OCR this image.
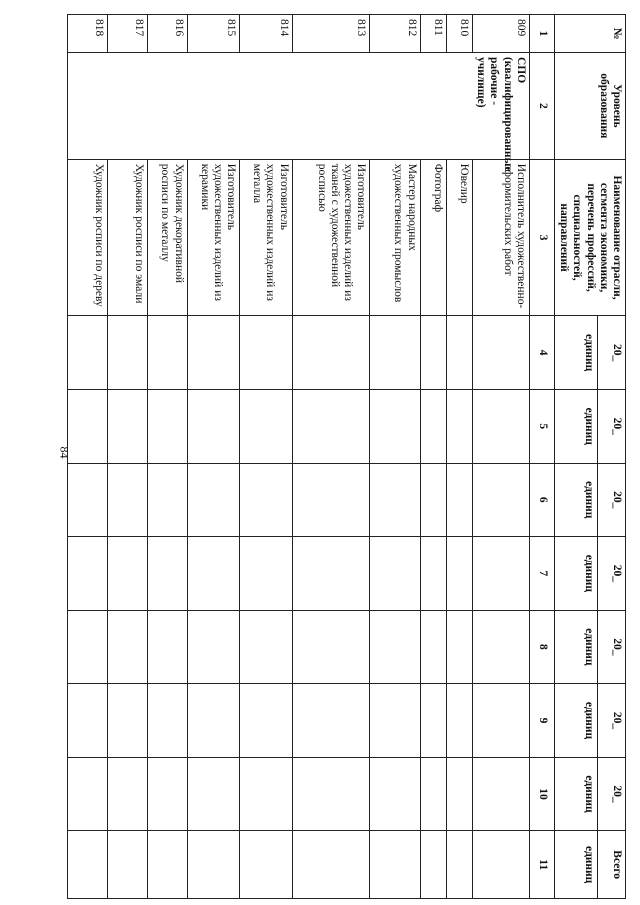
84
№	Уровень образования	Наименование отрасли, сегмента экономики, перечень профессий, специальностей, направлений	20_	20_	20_	20_	20_	20_	20_	Всего
			единиц	единиц	единиц	единиц	единиц	единиц	единиц	единиц
1	2	3	4	5	6	7	8	9	10	11
809	СПО (квалифицированные рабочие - училище)	Исполнитель художественно-оформительских работ								
810		Ювелир								
811		Фотограф								
812		Мастер народных художественных промыслов								
813		Изготовитель художественных изделий из тканей с художественной росписью								
814		Изготовитель художественных изделий из металла								
815		Изготовитель художественных изделий из керамики								
816		Художник декоративной росписи по металлу								
817		Художник росписи по эмали								
818		Художник росписи по дереву								
